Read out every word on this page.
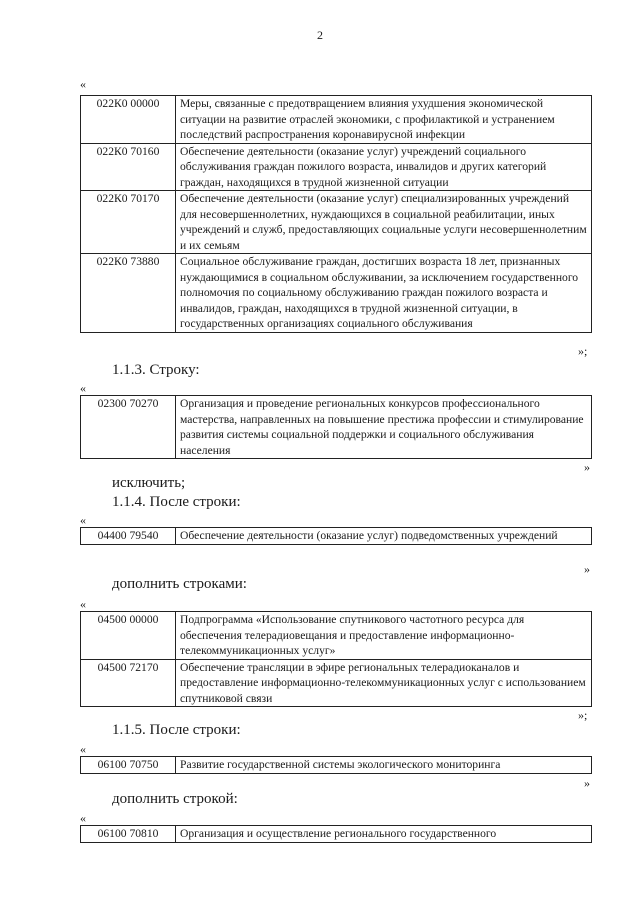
2
«
022К0 00000	Меры, связанные с предотвращением влияния ухудшения экономической ситуации на развитие отраслей экономики, с профилактикой и устранением последствий распространения коронавирусной инфекции
022К0 70160	Обеспечение деятельности (оказание услуг) учреждений социального обслуживания граждан пожилого возраста, инвалидов и других категорий граждан, находящихся в трудной жизненной ситуации
022К0 70170	Обеспечение деятельности (оказание услуг) специализированных учреждений для несовершеннолетних, нуждающихся в социальной реабилитации, иных учреждений и служб, предоставляющих социальные услуги несовершеннолетним и их семьям
022К0 73880	Социальное обслуживание граждан, достигших возраста 18 лет, признанных нуждающимися в социальном обслуживании, за исключением государственного полномочия по социальному обслуживанию граждан пожилого возраста и инвалидов, граждан, находящихся в трудной жизненной ситуации, в государственных организациях социального обслуживания
»;
1.1.3. Строку:
«
02300 70270	Организация и проведение региональных конкурсов профессионального мастерства, направленных на повышение престижа профессии и стимулирование развития системы социальной поддержки и социального обслуживания населения
»
исключить;
1.1.4. После строки:
«
04400 79540	Обеспечение деятельности (оказание услуг) подведомственных учреждений
»
дополнить строками:
«
04500 00000	Подпрограмма «Использование спутникового частотного ресурса для обеспечения телерадиовещания и предоставление информационно-телекоммуникационных услуг»
04500 72170	Обеспечение трансляции в эфире региональных телерадиоканалов и предоставление информационно-телекоммуникационных услуг с использованием спутниковой связи
»;
1.1.5. После строки:
«
06100 70750	Развитие государственной системы экологического мониторинга
»
дополнить строкой:
«
06100 70810	Организация и осуществление регионального государственного
